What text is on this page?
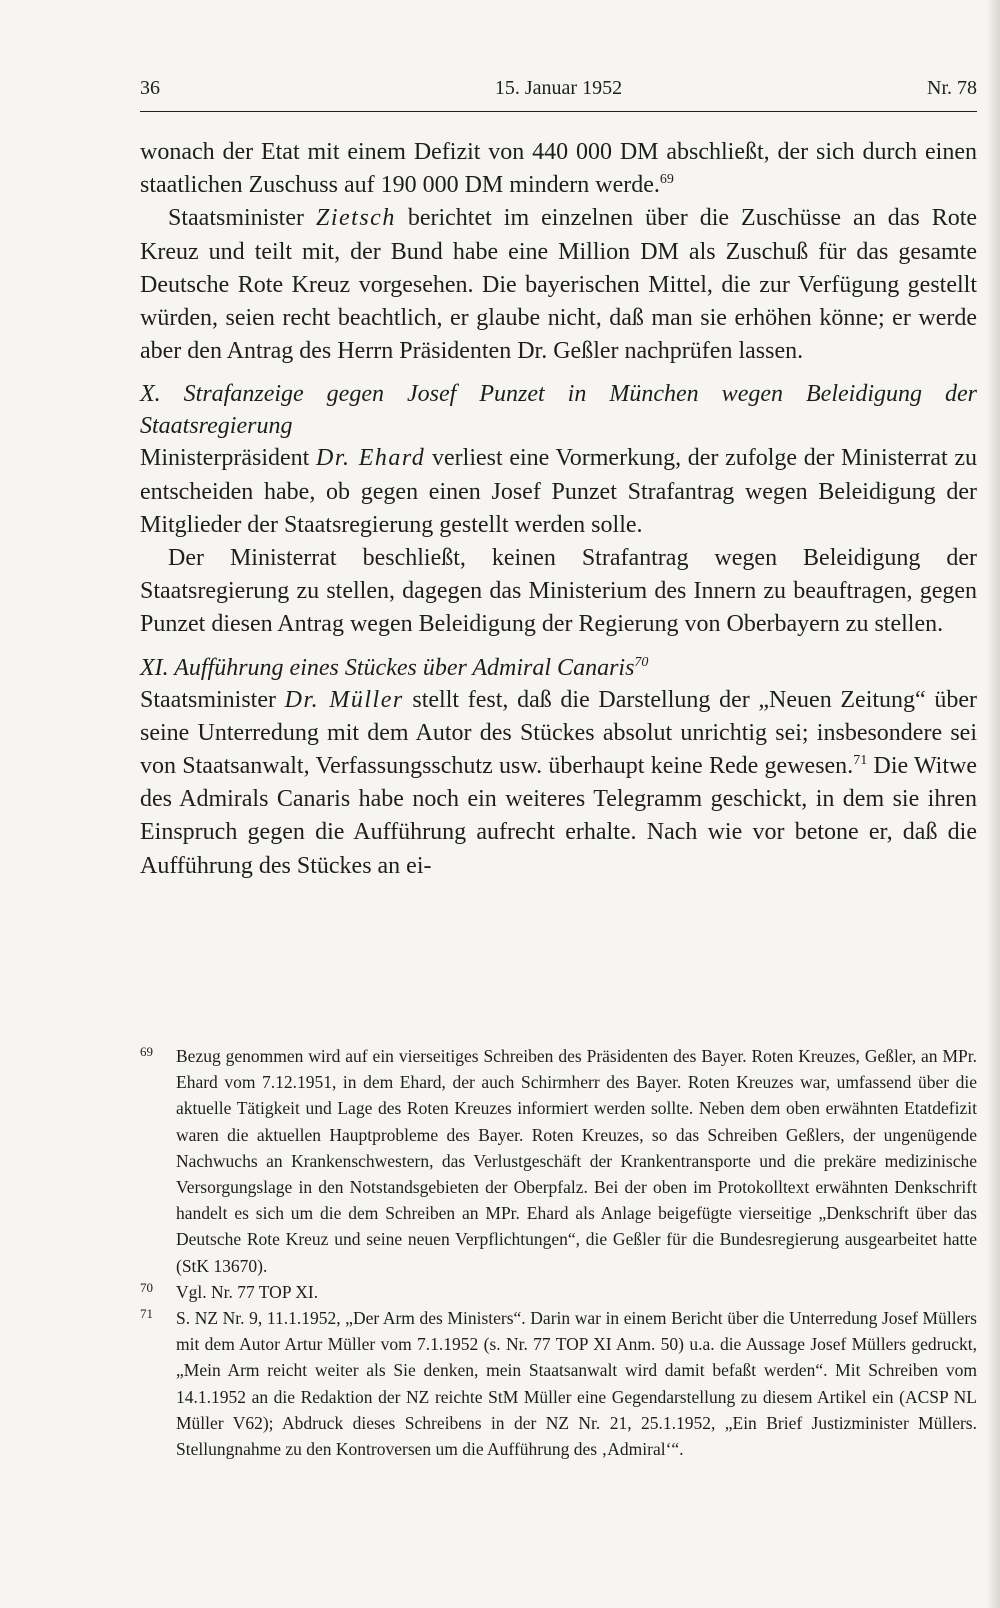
36	15. Januar 1952	Nr. 78

wonach der Etat mit einem Defizit von 440 000 DM abschließt, der sich durch einen staatlichen Zuschuss auf 190 000 DM mindern werde.$^{69}$

Staatsminister Zietsch berichtet im einzelnen über die Zuschüsse an das Rote Kreuz und teilt mit, der Bund habe eine Million DM als Zuschuß für das gesamte Deutsche Rote Kreuz vorgesehen. Die bayerischen Mittel, die zur Verfügung gestellt würden, seien recht beachtlich, er glaube nicht, daß man sie erhöhen könne; er werde aber den Antrag des Herrn Präsidenten Dr. Geßler nachprüfen lassen.

X. Strafanzeige gegen Josef Punzet in München wegen Beleidigung der Staatsregierung

Ministerpräsident Dr. Ehard verliest eine Vormerkung, der zufolge der Ministerrat zu entscheiden habe, ob gegen einen Josef Punzet Strafantrag wegen Beleidigung der Mitglieder der Staatsregierung gestellt werden solle.

Der Ministerrat beschließt, keinen Strafantrag wegen Beleidigung der Staatsregierung zu stellen, dagegen das Ministerium des Innern zu beauftragen, gegen Punzet diesen Antrag wegen Beleidigung der Regierung von Oberbayern zu stellen.

XI. Aufführung eines Stückes über Admiral Canaris$^{70}$

Staatsminister Dr. Müller stellt fest, daß die Darstellung der „Neuen Zeitung“ über seine Unterredung mit dem Autor des Stückes absolut unrichtig sei; insbesondere sei von Staatsanwalt, Verfassungsschutz usw. überhaupt keine Rede gewesen.$^{71}$ Die Witwe des Admirals Canaris habe noch ein weiteres Telegramm geschickt, in dem sie ihren Einspruch gegen die Aufführung aufrecht erhalte. Nach wie vor betone er, daß die Aufführung des Stückes an ei-

69 Bezug genommen wird auf ein vierseitiges Schreiben des Präsidenten des Bayer. Roten Kreuzes, Geßler, an MPr. Ehard vom 7.12.1951, in dem Ehard, der auch Schirmherr des Bayer. Roten Kreuzes war, umfassend über die aktuelle Tätigkeit und Lage des Roten Kreuzes informiert werden sollte. Neben dem oben erwähnten Etatdefizit waren die aktuellen Hauptprobleme des Bayer. Roten Kreuzes, so das Schreiben Geßlers, der ungenügende Nachwuchs an Krankenschwestern, das Verlustgeschäft der Krankentransporte und die prekäre medizinische Versorgungslage in den Notstandsgebieten der Oberpfalz. Bei der oben im Protokolltext erwähnten Denkschrift handelt es sich um die dem Schreiben an MPr. Ehard als Anlage beigefügte vierseitige „Denkschrift über das Deutsche Rote Kreuz und seine neuen Verpflichtungen“, die Geßler für die Bundesregierung ausgearbeitet hatte (StK 13670).

70 Vgl. Nr. 77 TOP XI.

71 S. NZ Nr. 9, 11.1.1952, „Der Arm des Ministers“. Darin war in einem Bericht über die Unterredung Josef Müllers mit dem Autor Artur Müller vom 7.1.1952 (s. Nr. 77 TOP XI Anm. 50) u.a. die Aussage Josef Müllers gedruckt, „Mein Arm reicht weiter als Sie denken, mein Staatsanwalt wird damit befaßt werden“. Mit Schreiben vom 14.1.1952 an die Redaktion der NZ reichte StM Müller eine Gegendarstellung zu diesem Artikel ein (ACSP NL Müller V62); Abdruck dieses Schreibens in der NZ Nr. 21, 25.1.1952, „Ein Brief Justizminister Müllers. Stellungnahme zu den Kontroversen um die Aufführung des ‚Admiral‘“.
